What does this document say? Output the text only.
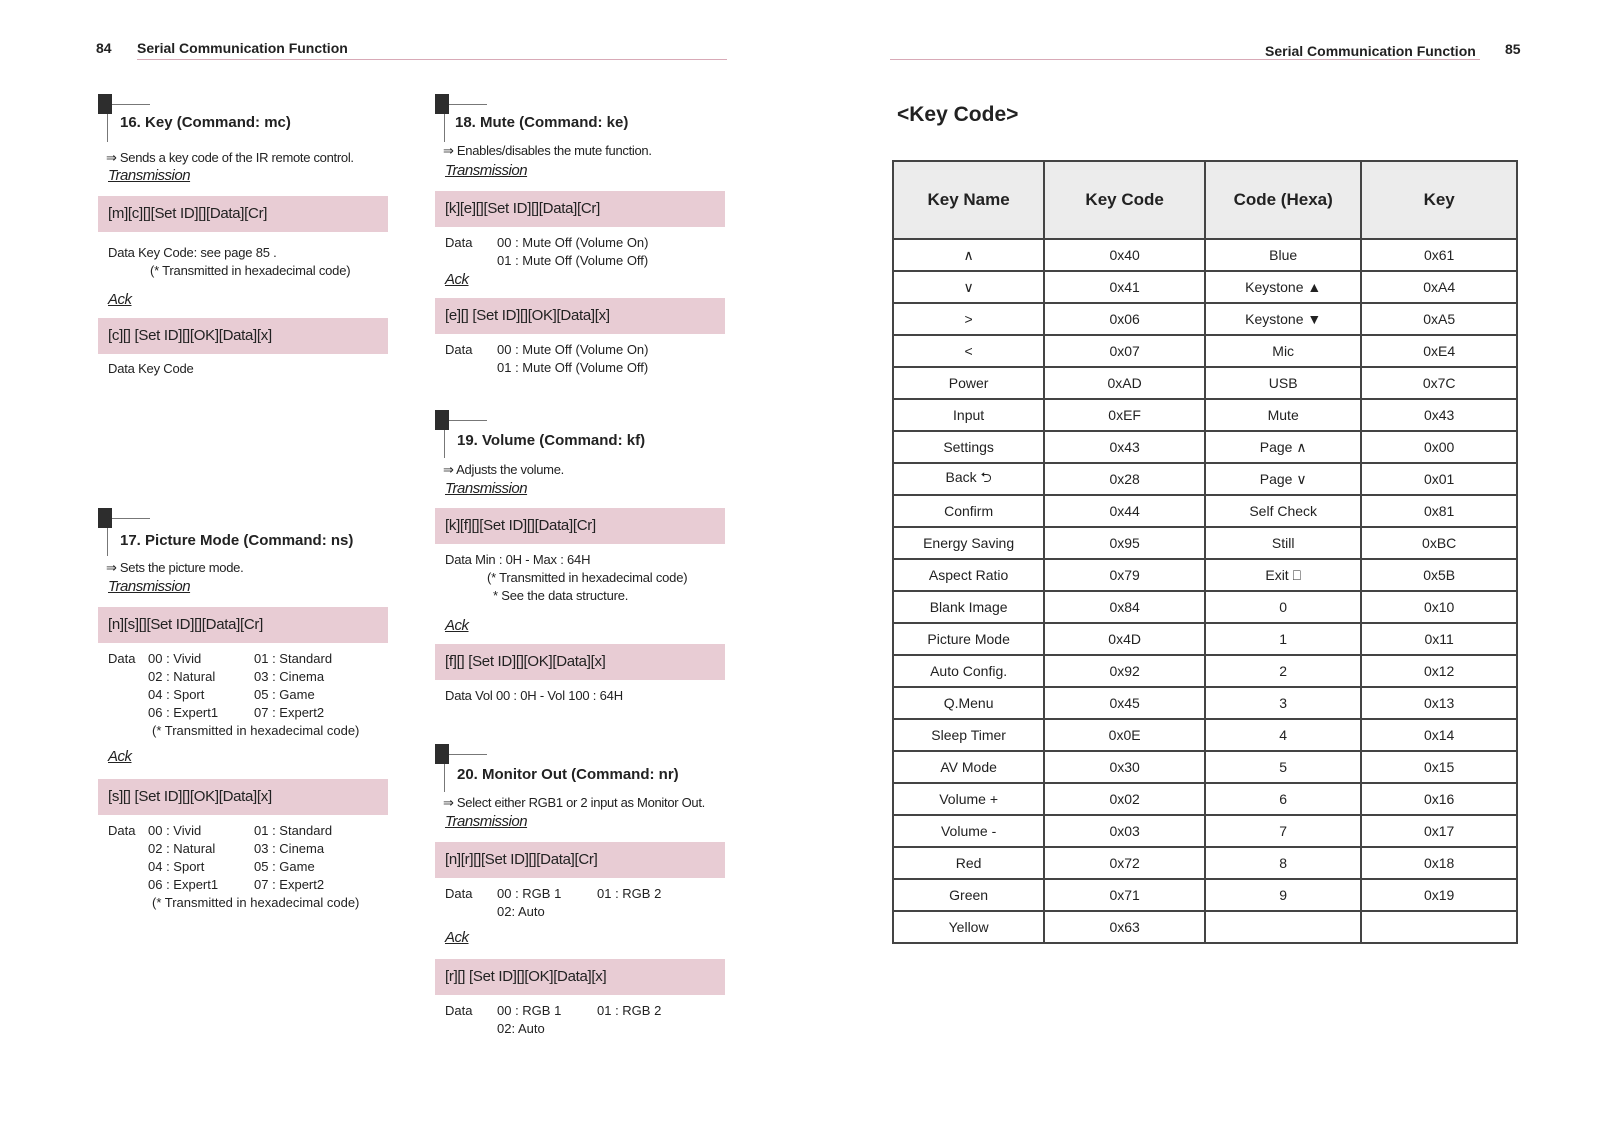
84 Serial Communication Function	Serial Communication Function 85
16. Key (Command: mc)
⇒ Sends a key code of the IR remote control.
Transmission
[m][c][][Set ID][][Data][Cr]
Data Key Code: see page 85 .
(* Transmitted in hexadecimal code)
Ack
[c][] [Set ID][][OK][Data][x]
Data Key Code
17. Picture Mode (Command: ns)
⇒ Sets the picture mode.
Transmission
[n][s][][Set ID][][Data][Cr]
Data 00 : Vivid	01 : Standard
02 : Natural	03 : Cinema
04 : Sport	05 : Game
06 : Expert1	07 : Expert2
(* Transmitted in hexadecimal code)
Ack
[s][] [Set ID][][OK][Data][x]
Data 00 : Vivid	01 : Standard
02 : Natural	03 : Cinema
04 : Sport	05 : Game
06 : Expert1	07 : Expert2
(* Transmitted in hexadecimal code)
18. Mute (Command: ke)
⇒ Enables/disables the mute function.
Transmission
[k][e][][Set ID][][Data][Cr]
Data	00 : Mute Off (Volume On)
01 : Mute Off (Volume Off)
Ack
[e][] [Set ID][][OK][Data][x]
Data	00 : Mute Off (Volume On)
01 : Mute Off (Volume Off)
19. Volume (Command: kf)
⇒ Adjusts the volume.
Transmission
[k][f][][Set ID][][Data][Cr]
Data Min : 0H - Max : 64H
(* Transmitted in hexadecimal code)
* See the data structure.
Ack
[f][] [Set ID][][OK][Data][x]
Data Vol 00 : 0H - Vol 100 : 64H
20. Monitor Out (Command: nr)
⇒ Select either RGB1 or 2 input as Monitor Out.
Transmission
[n][r][][Set ID][][Data][Cr]
Data	00 : RGB 1	01 : RGB 2
02: Auto
Ack
[r][] [Set ID][][OK][Data][x]
Data	00 : RGB 1	01 : RGB 2
02: Auto
<Key Code>
Key Name	Key Code	Code (Hexa)	Key
∧	0x40	Blue	0x61
∨	0x41	Keystone ▲	0xA4
>	0x06	Keystone ▼	0xA5
<	0x07	Mic	0xE4
Power	0xAD	USB	0x7C
Input	0xEF	Mute	0x43
Settings	0x43	Page ∧	0x00
Back ⮌	0x28	Page ∨	0x01
Confirm	0x44	Self Check	0x81
Energy Saving	0x95	Still	0xBC
Aspect Ratio	0x79	Exit ⎕	0x5B
Blank Image	0x84	0	0x10
Picture Mode	0x4D	1	0x11
Auto Config.	0x92	2	0x12
Q.Menu	0x45	3	0x13
Sleep Timer	0x0E	4	0x14
AV Mode	0x30	5	0x15
Volume +	0x02	6	0x16
Volume -	0x03	7	0x17
Red	0x72	8	0x18
Green	0x71	9	0x19
Yellow	0x63		
